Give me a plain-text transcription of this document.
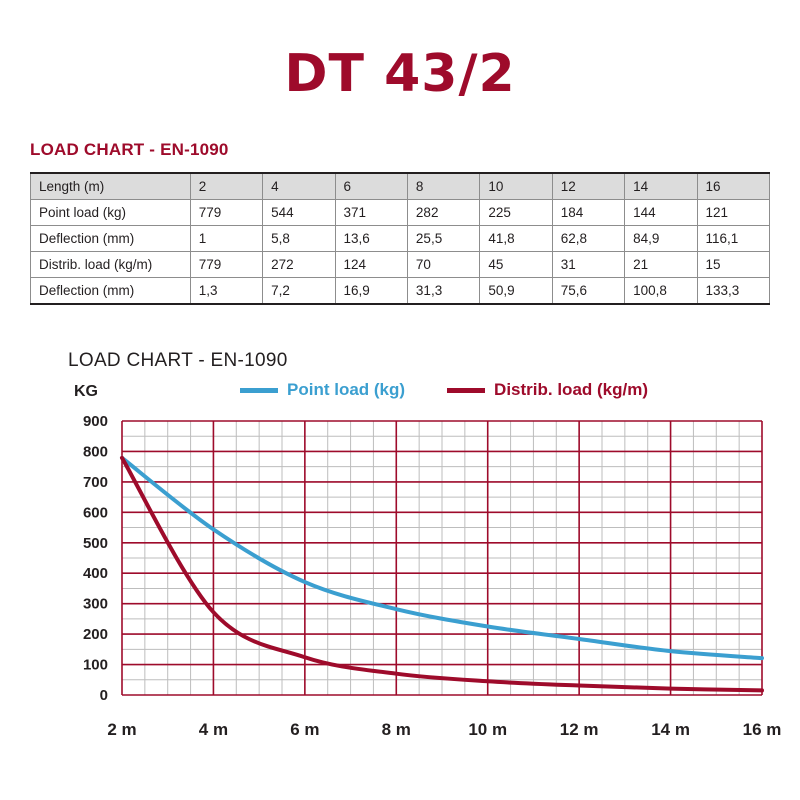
DT 43/2
LOAD CHART - EN-1090
Length (m)	2	4	6	8	10	12	14	16
Point load (kg)	779	544	371	282	225	184	144	121
Deflection (mm)	1	5,8	13,6	25,5	41,8	62,8	84,9	116,1
Distrib. load (kg/m)	779	272	124	70	45	31	21	15
Deflection (mm)	1,3	7,2	16,9	31,3	50,9	75,6	100,8	133,3
LOAD CHART - EN-1090
KG	Point load (kg)	Distrib. load (kg/m)
0
100
200
300
400
500
600
700
800
900
2 m	4 m	6 m	8 m	10 m	12 m	14 m	16 m
